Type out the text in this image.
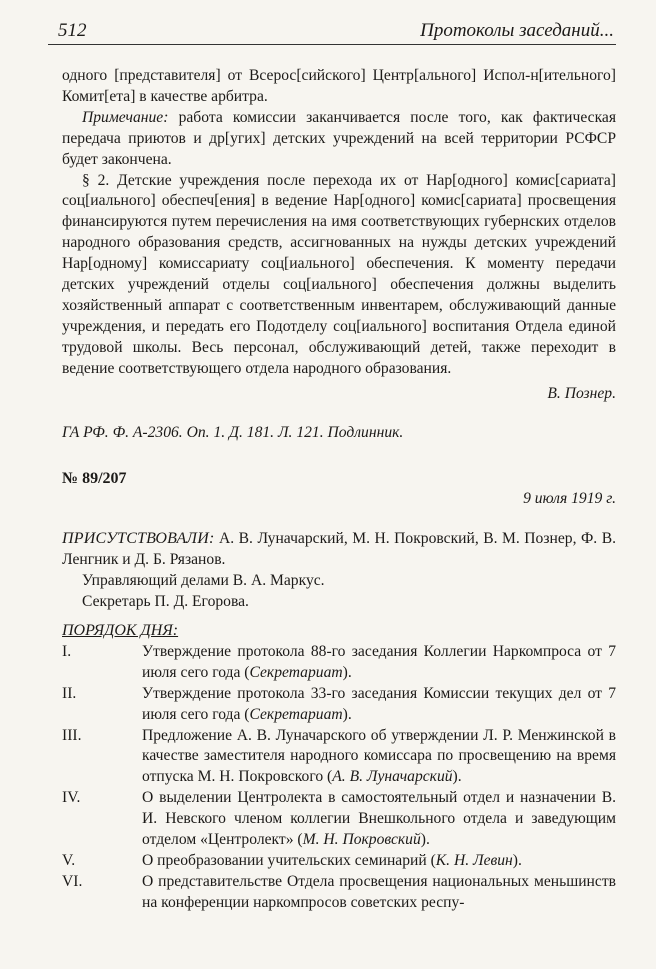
512	Протоколы заседаний...

одного [представителя] от Всерос[сийского] Центр[ального] Испол-н[ительного] Комит[ета] в качестве арбитра.

Примечание: работа комиссии заканчивается после того, как фактическая передача приютов и др[угих] детских учреждений на всей территории РСФСР будет закончена.

§ 2. Детские учреждения после перехода их от Нар[одного] комис[сариата] соц[иального] обеспеч[ения] в ведение Нар[одного] комис[сариата] просвещения финансируются путем перечисления на имя соответствующих губернских отделов народного образования средств, ассигнованных на нужды детских учреждений Нар[одному] комиссариату соц[иального] обеспечения. К моменту передачи детских учреждений отделы соц[иального] обеспечения должны выделить хозяйственный аппарат с соответственным инвентарем, обслуживающий данные учреждения, и передать его Подотделу соц[иального] воспитания Отдела единой трудовой школы. Весь персонал, обслуживающий детей, также переходит в ведение соответствующего отдела народного образования.

В. Познер.

ГА РФ. Ф. А-2306. Оп. 1. Д. 181. Л. 121. Подлинник.

№ 89/207
9 июля 1919 г.

ПРИСУТСТВОВАЛИ: А. В. Луначарский, М. Н. Покровский, В. М. Познер, Ф. В. Ленгник и Д. Б. Рязанов.

Управляющий делами В. А. Маркус.

Секретарь П. Д. Егорова.

ПОРЯДОК ДНЯ:

I.	Утверждение протокола 88-го заседания Коллегии Наркомпроса от 7 июля сего года (Секретариат).
II.	Утверждение протокола 33-го заседания Комиссии текущих дел от 7 июля сего года (Секретариат).
III.	Предложение А. В. Луначарского об утверждении Л. Р. Менжинской в качестве заместителя народного комиссара по просвещению на время отпуска М. Н. Покровского (А. В. Луначарский).
IV.	О выделении Центролекта в самостоятельный отдел и назначении В. И. Невского членом коллегии Внешкольного отдела и заведующим отделом «Центролект» (М. Н. Покровский).
V.	О преобразовании учительских семинарий (К. Н. Левин).
VI.	О представительстве Отдела просвещения национальных меньшинств на конференции наркомпросов советских респу-
